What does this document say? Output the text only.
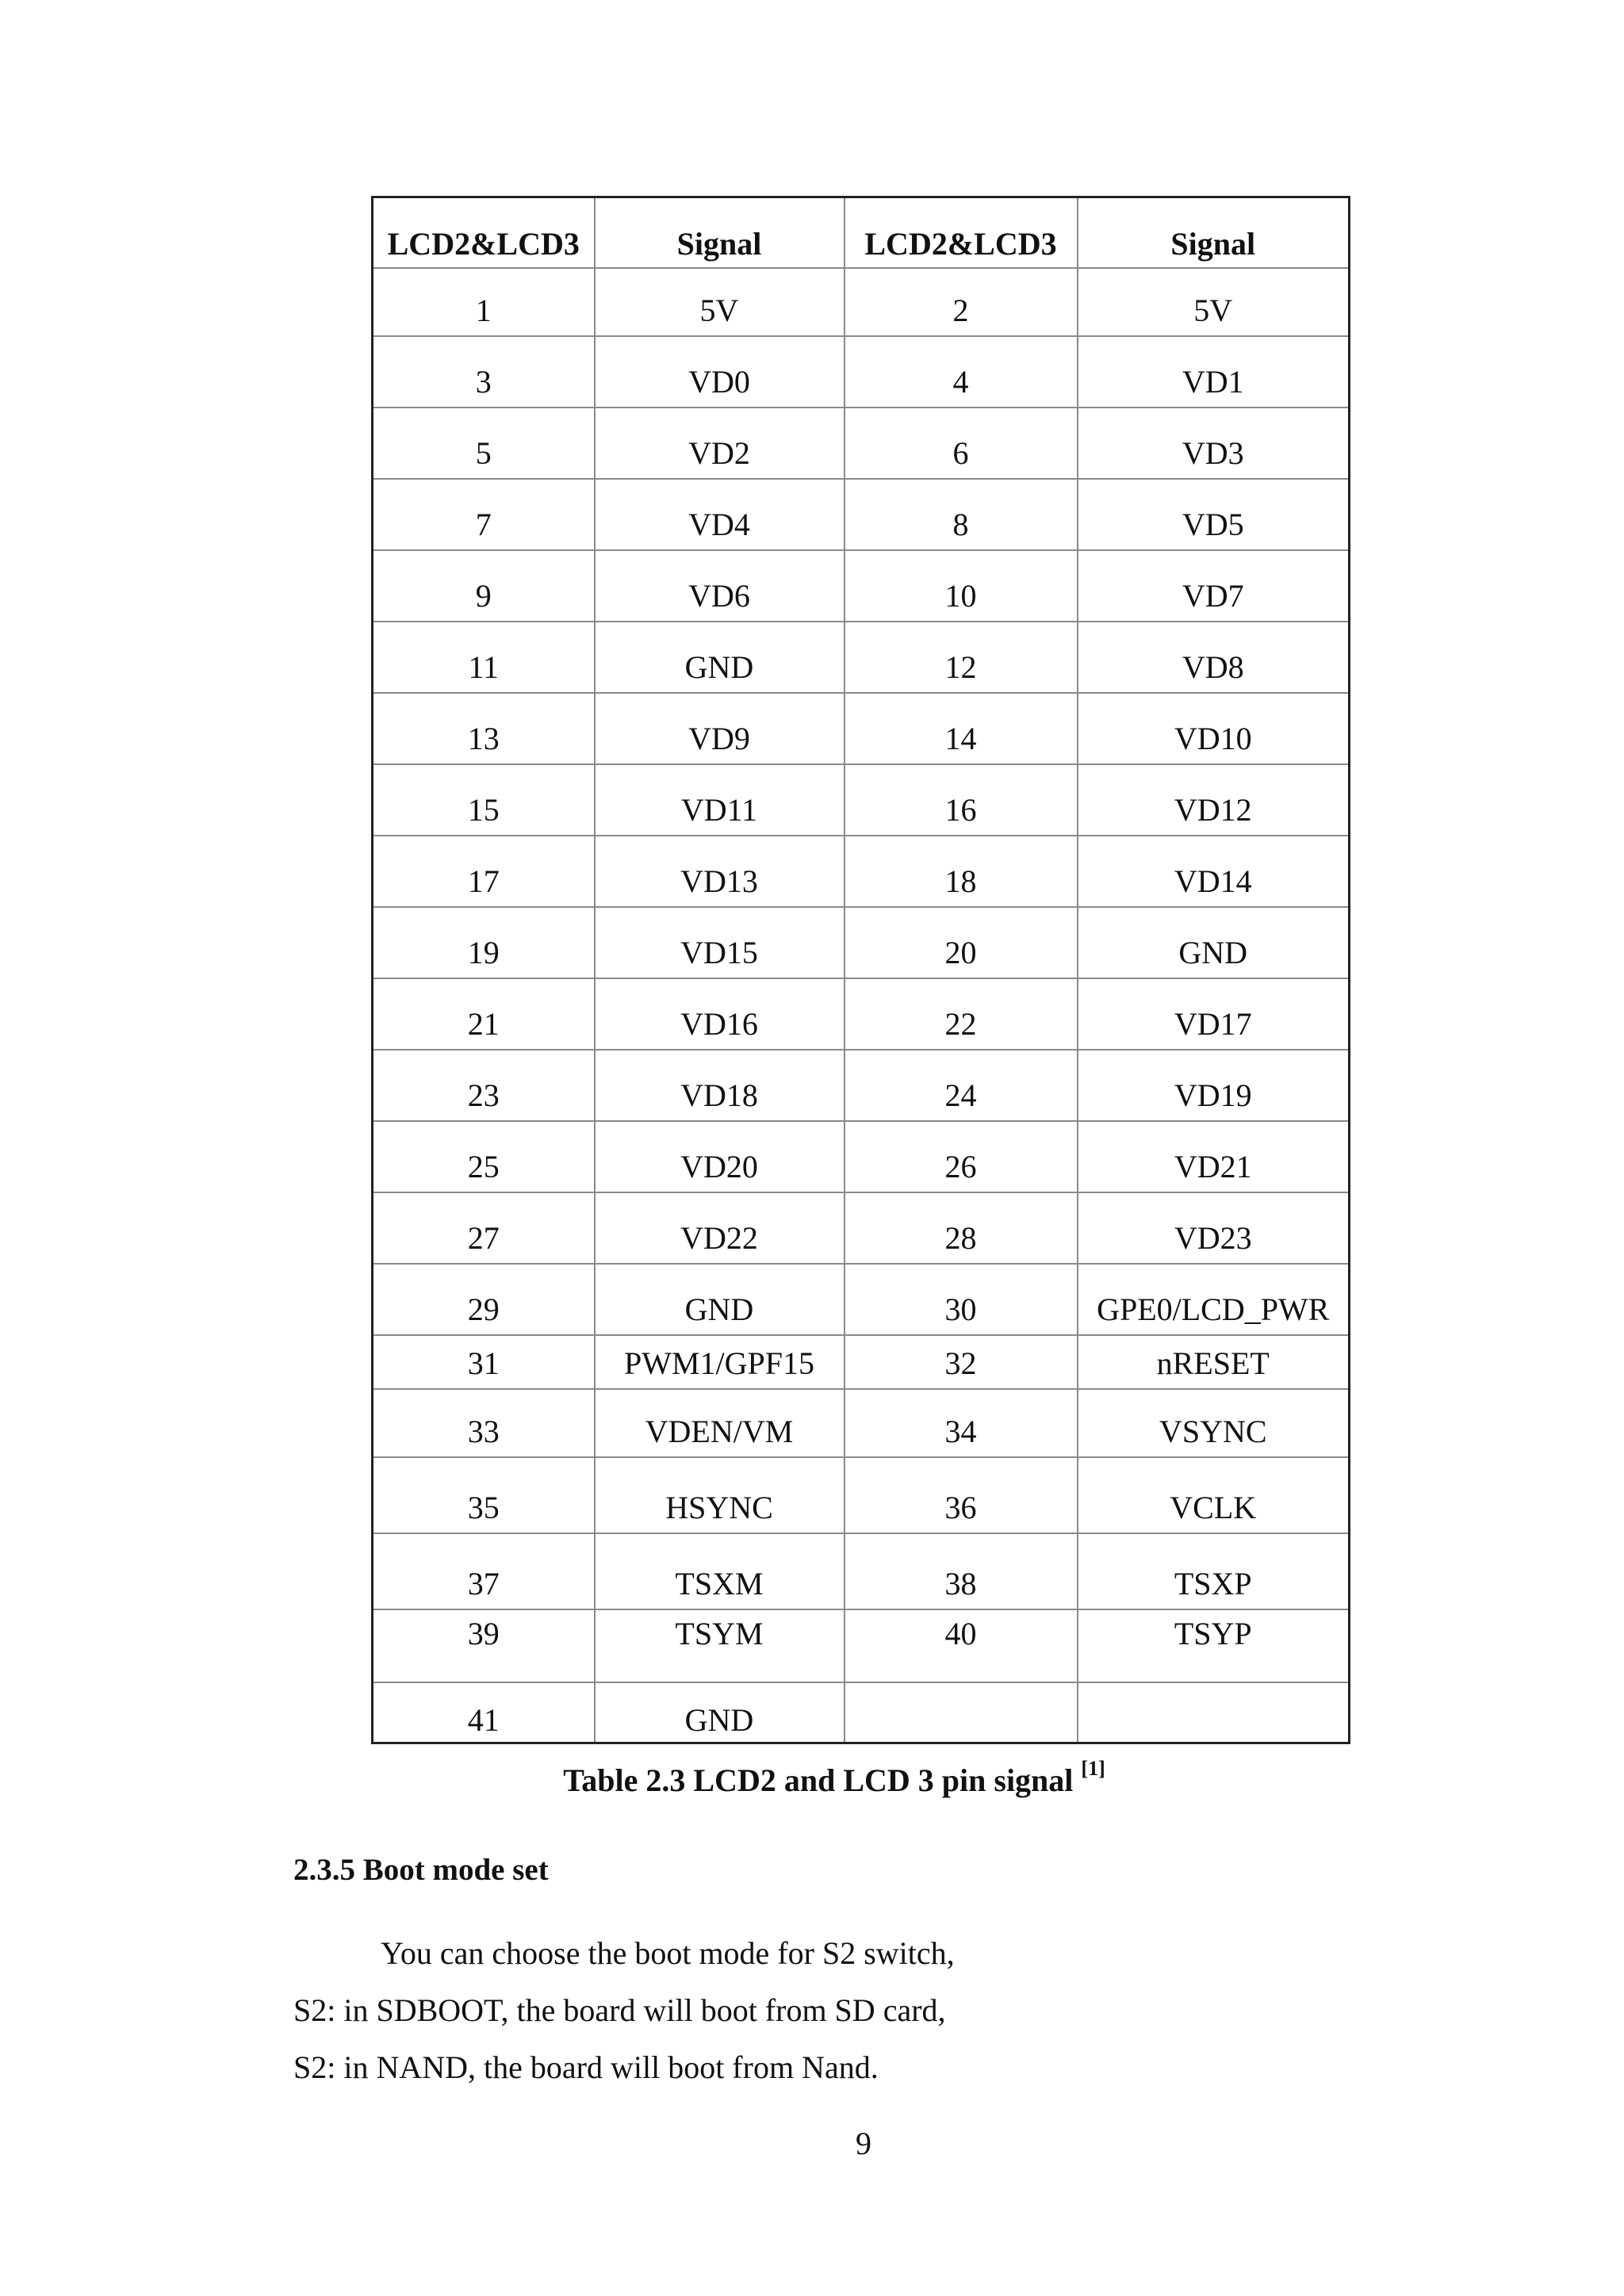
LCD2&LCD3	Signal	LCD2&LCD3	Signal
1	5V	2	5V
3	VD0	4	VD1
5	VD2	6	VD3
7	VD4	8	VD5
9	VD6	10	VD7
11	GND	12	VD8
13	VD9	14	VD10
15	VD11	16	VD12
17	VD13	18	VD14
19	VD15	20	GND
21	VD16	22	VD17
23	VD18	24	VD19
25	VD20	26	VD21
27	VD22	28	VD23
29	GND	30	GPE0/LCD_PWR
31	PWM1/GPF15	32	nRESET
33	VDEN/VM	34	VSYNC
35	HSYNC	36	VCLK
37	TSXM	38	TSXP
39	TSYM	40	TSYP
41	GND		
Table 2.3 LCD2 and LCD 3 pin signal [1]
2.3.5 Boot mode set
You can choose the boot mode for S2 switch,
S2: in SDBOOT, the board will boot from SD card,
S2: in NAND, the board will boot from Nand.
9
